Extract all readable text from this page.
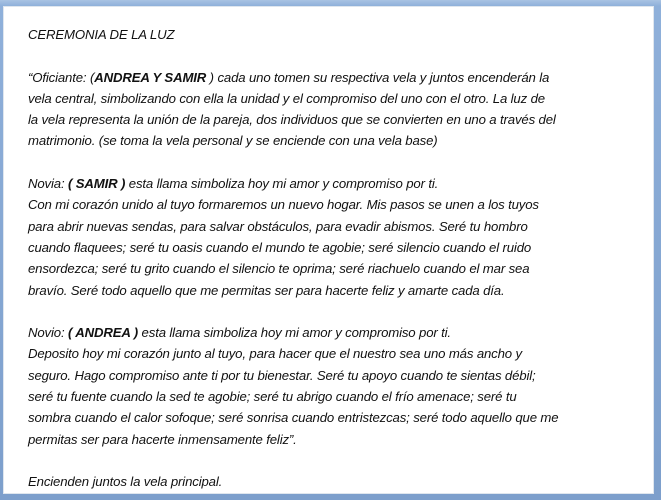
CEREMONIA DE LA LUZ
“Oficiante: (ANDREA Y SAMIR ) cada uno tomen su respectiva vela y juntos encenderán la
vela central, simbolizando con ella la unidad y el compromiso del uno con el otro. La luz de
la vela representa la unión de la pareja, dos individuos que se convierten en uno a través del
matrimonio. (se toma la vela personal y se enciende con una vela base)
Novia: ( SAMIR ) esta llama simboliza hoy mi amor y compromiso por ti.
Con mi corazón unido al tuyo formaremos un nuevo hogar. Mis pasos se unen a los tuyos
para abrir nuevas sendas, para salvar obstáculos, para evadir abismos. Seré tu hombro
cuando flaquees; seré tu oasis cuando el mundo te agobie; seré silencio cuando el ruido
ensordezca; seré tu grito cuando el silencio te oprima; seré riachuelo cuando el mar sea
bravío. Seré todo aquello que me permitas ser para hacerte feliz y amarte cada día.
Novio: ( ANDREA ) esta llama simboliza hoy mi amor y compromiso por ti.
Deposito hoy mi corazón junto al tuyo, para hacer que el nuestro sea uno más ancho y
seguro. Hago compromiso ante ti por tu bienestar. Seré tu apoyo cuando te sientas débil;
seré tu fuente cuando la sed te agobie; seré tu abrigo cuando el frío amenace; seré tu
sombra cuando el calor sofoque; seré sonrisa cuando entristezcas; seré todo aquello que me
permitas ser para hacerte inmensamente feliz”.
Encienden juntos la vela principal.
